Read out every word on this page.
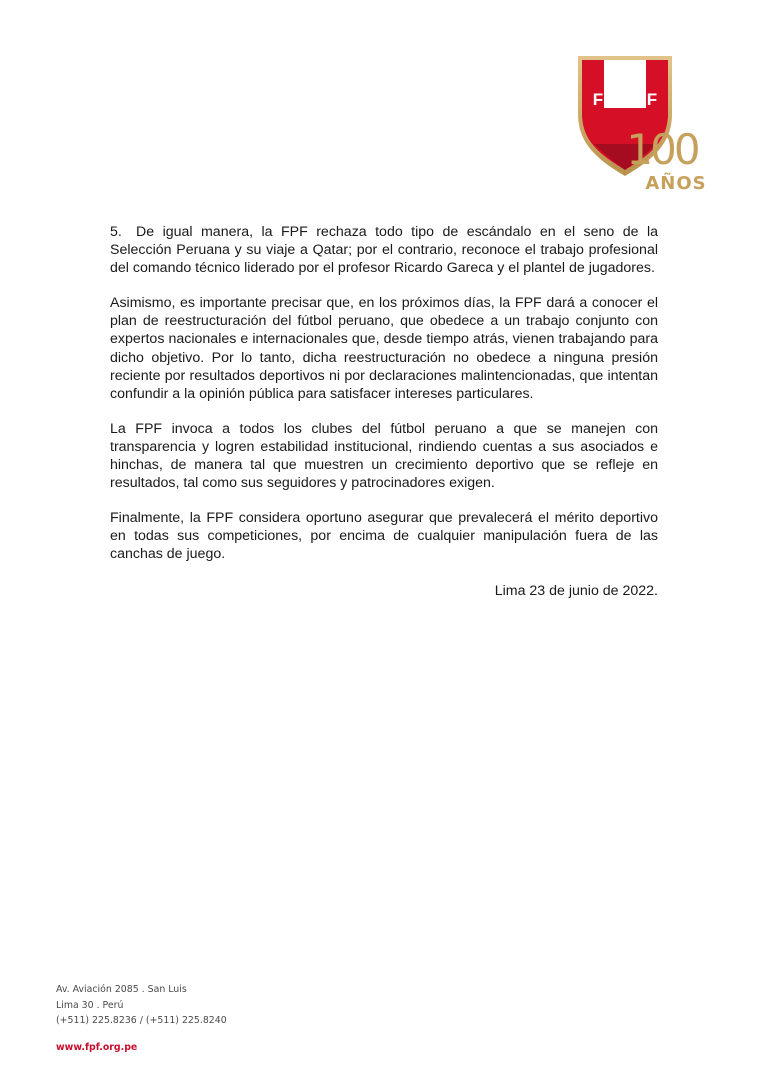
F P F
100
AÑOS

5. De igual manera, la FPF rechaza todo tipo de escándalo en el seno de la Selección Peruana y su viaje a Qatar; por el contrario, reconoce el trabajo profesional del comando técnico liderado por el profesor Ricardo Gareca y el plantel de jugadores.

Asimismo, es importante precisar que, en los próximos días, la FPF dará a conocer el plan de reestructuración del fútbol peruano, que obedece a un trabajo conjunto con expertos nacionales e internacionales que, desde tiempo atrás, vienen trabajando para dicho objetivo. Por lo tanto, dicha reestructuración no obedece a ninguna presión reciente por resultados deportivos ni por declaraciones malintencionadas, que intentan confundir a la opinión pública para satisfacer intereses particulares.

La FPF invoca a todos los clubes del fútbol peruano a que se manejen con transparencia y logren estabilidad institucional, rindiendo cuentas a sus asociados e hinchas, de manera tal que muestren un crecimiento deportivo que se refleje en resultados, tal como sus seguidores y patrocinadores exigen.

Finalmente, la FPF considera oportuno asegurar que prevalecerá el mérito deportivo en todas sus competiciones, por encima de cualquier manipulación fuera de las canchas de juego.

Lima 23 de junio de 2022.
Av. Aviación 2085 . San Luis
Lima 30 . Perú
(+511) 225.8236 / (+511) 225.8240
www.fpf.org.pe
